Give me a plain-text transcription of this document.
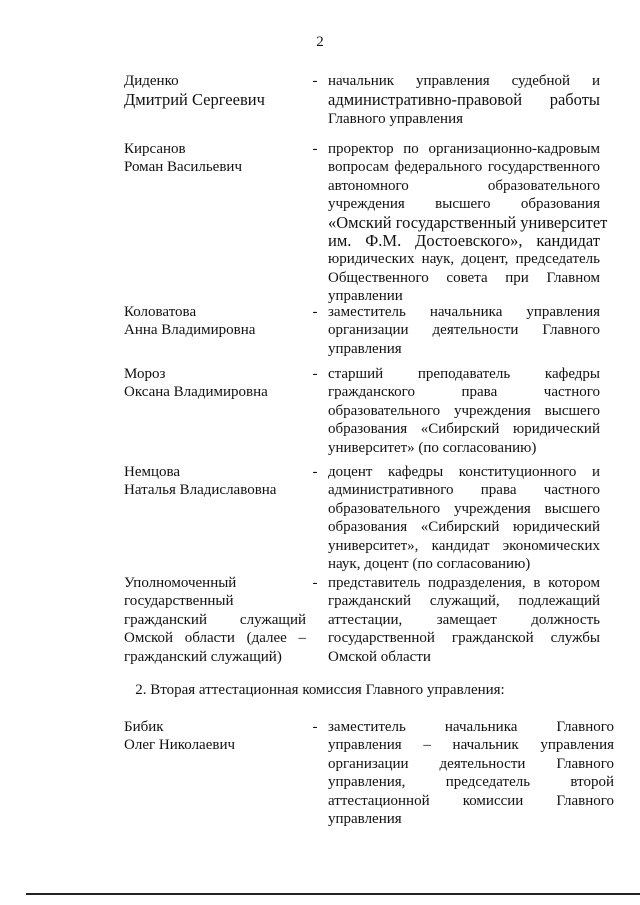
2
Диденко
Дмитрий Сергеевич
- начальник управления судебной и
административно-правовой работы
Главного управления
Кирсанов
Роман Васильевич
- проректор по организационно-кадровым
вопросам федерального государственного
автономного образовательного
учреждения высшего образования
«Омский государственный университет
им. Ф.М. Достоевского», кандидат
юридических наук, доцент, председатель
Общественного совета при Главном
управлении
Коловатова
Анна Владимировна
- заместитель начальника управления
организации деятельности Главного
управления
Мороз
Оксана Владимировна
- старший преподаватель кафедры
гражданского права частного
образовательного учреждения высшего
образования «Сибирский юридический
университет» (по согласованию)
Немцова
Наталья Владиславовна
- доцент кафедры конституционного и
административного права частного
образовательного учреждения высшего
образования «Сибирский юридический
университет», кандидат экономических
наук, доцент (по согласованию)
Уполномоченный
государственный
гражданский служащий
Омской области (далее –
гражданский служащий)
- представитель подразделения, в котором
гражданский служащий, подлежащий
аттестации, замещает должность
государственной гражданской службы
Омской области
2. Вторая аттестационная комиссия Главного управления:
Бибик
Олег Николаевич
- заместитель начальника Главного
управления – начальник управления
организации деятельности Главного
управления, председатель второй
аттестационной комиссии Главного
управления
